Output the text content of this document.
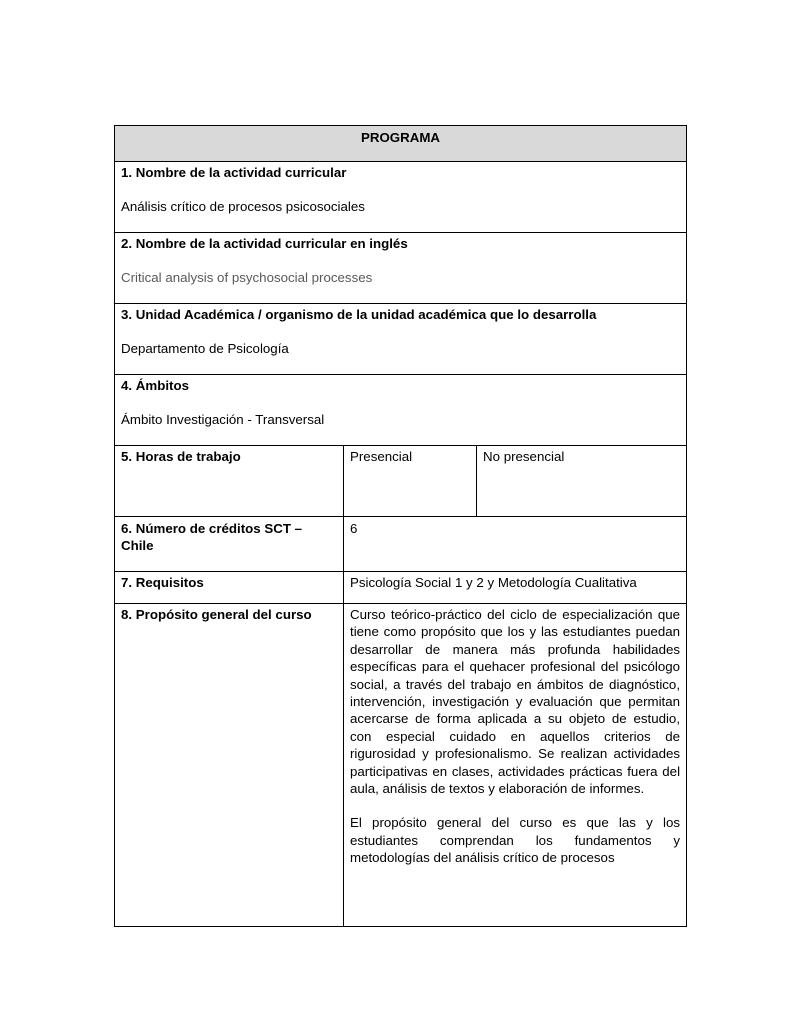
PROGRAMA		

1. Nombre de la actividad curricular

Análisis crítico de procesos psicosociales		

2. Nombre de la actividad curricular en inglés

Critical analysis of psychosocial processes		

3. Unidad Académica / organismo de la unidad académica que lo desarrolla

Departamento de Psicología		

4. Ámbitos

Ámbito Investigación - Transversal		

5. Horas de trabajo	Presencial	No presencial
6. Número de créditos SCT – Chile	6	
7. Requisitos	Psicología Social 1 y 2 y Metodología Cualitativa	
8. Propósito general del curso	Curso teórico-práctico del ciclo de especialización que tiene como propósito que los y las estudiantes puedan desarrollar de manera más profunda habilidades específicas para el quehacer profesional del psicólogo social, a través del trabajo en ámbitos de diagnóstico, intervención, investigación y evaluación que permitan acercarse de forma aplicada a su objeto de estudio, con especial cuidado en aquellos criterios de rigurosidad y profesionalismo. Se realizan actividades participativas en clases, actividades prácticas fuera del aula, análisis de textos y elaboración de informes.

El propósito general del curso es que las y los estudiantes comprendan los fundamentos y metodologías del análisis crítico de procesos	
